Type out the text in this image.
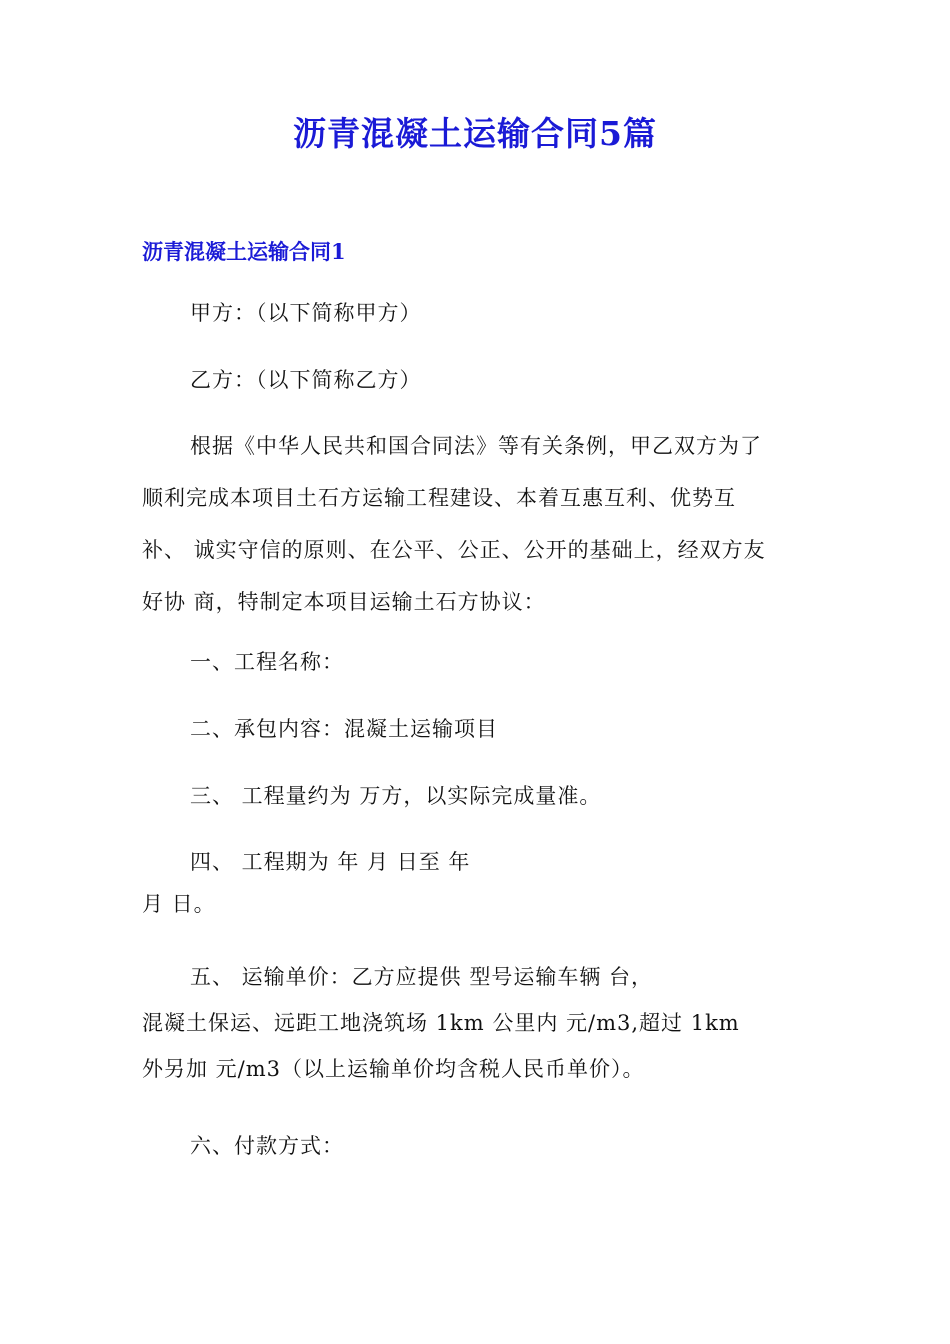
沥青混凝土运输合同5篇
沥青混凝土运输合同1
甲方：（以下简称甲方）
乙方：（以下简称乙方）
根据《中华人民共和国合同法》等有关条例，甲乙双方为了
顺利完成本项目土石方运输工程建设、本着互惠互利、优势互
补、 诚实守信的原则、在公平、公正、公开的基础上，经双方友
好协 商，特制定本项目运输土石方协议：
一、工程名称：
二、承包内容：混凝土运输项目
三、 工程量约为 万方，以实际完成量准。
四、 工程期为 年 月 日至 年
月 日。
五、 运输单价：乙方应提供 型号运输车辆 台，
混凝土保运、远距工地浇筑场 1km 公里内 元/m3,超过 1km
外另加 元/m3（以上运输单价均含税人民币单价）。
六、付款方式：
